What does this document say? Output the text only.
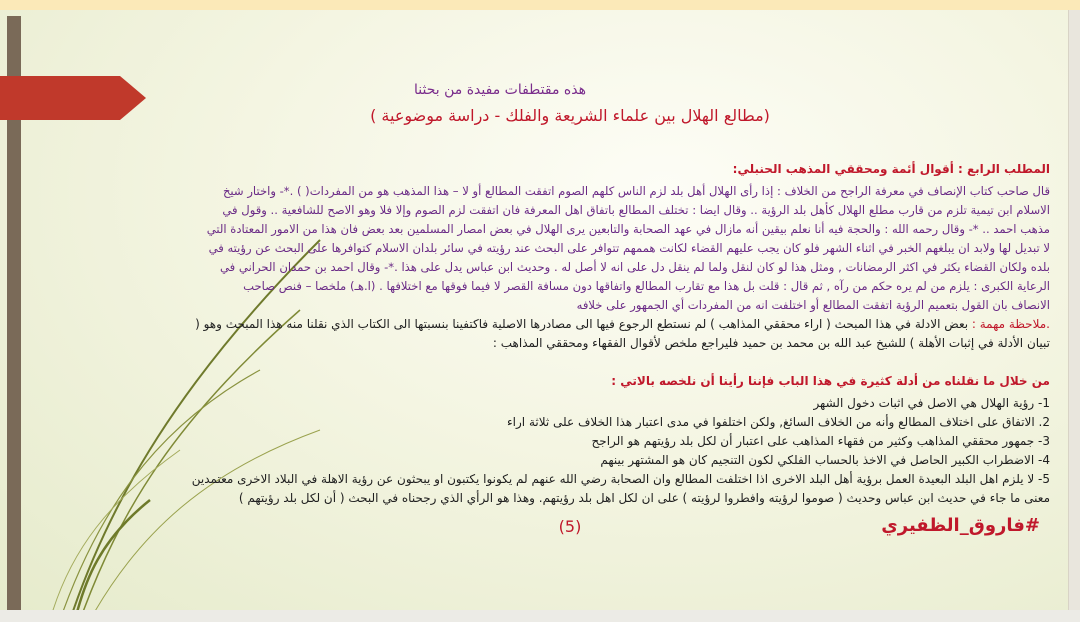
هذه مقتطفات مفيدة من بحثنا
(مطالع الهلال بين علماء الشريعة والفلك - دراسة موضوعية )
المطلب الرابع : أقوال أئمة ومحققي المذهب الحنبلي:
قال صاحب كتاب الإنصاف في معرفة الراجح من الخلاف : إذا رأى الهلال أهل بلد لزم الناس كلهم الصوم اتفقت المطالع أو لا – هذا المذهب هو من المفردات( ) .*- واختار شيخ
الاسلام ابن تيمية تلزم من قارب مطلع الهلال كأهل بلد الرؤية .. وقال ايضا : تختلف المطالع باتفاق اهل المعرفة فان اتفقت لزم الصوم وإلا فلا وهو الاصح للشافعية .. وقول في
مذهب احمد .. *- وقال رحمه الله : والحجة فيه أنا نعلم بيقين أنه مازال في عهد الصحابة والتابعين يرى الهلال في بعض امصار المسلمين بعد بعض فان هذا من الامور المعتادة التي
لا تبديل لها ولابد ان يبلغهم الخبر في اثناء الشهر فلو كان يجب عليهم القضاء لكانت هممهم تتوافر على البحث عند رؤيته في سائر بلدان الاسلام كتوافرها على البحث عن رؤيته في
بلده ولكان القضاء يكثر في اكثر الرمضانات , ومثل هذا لو كان لنقل ولما لم ينقل دل على انه لا أصل له . وحديث ابن عباس يدل على هذا .*- وقال احمد بن حمدان الحراني في
الرعاية الكبرى : يلزم من لم يره حكم من رآه , ثم قال : قلت بل هذا مع تقارب المطالع واتفاقها دون مسافة القصر لا فيما فوقها مع اختلافها . (ا.هـ) ملخصا – فنص صاحب
الانصاف بان القول بتعميم الرؤية اتفقت المطالع أو اختلفت انه من المفردات أي الجمهور على خلافه
.ملاحظة مهمة : بعض الادلة في هذا المبحث ( اراء محققي المذاهب ) لم نستطع الرجوع فيها الى مصادرها الاصلية فاكتفينا بنسبتها الى الكتاب الذي نقلنا منه هذا المبحث وهو (
تبيان الأدلة في إثبات الأهلة ) للشيخ عبد الله بن محمد بن حميد فليراجع ملخص لأقوال الفقهاء ومحققي المذاهب :
من خلال ما نقلناه من أدلة كثيرة في هذا الباب فإننا رأينا أن نلخصه بالاتي :
1- رؤية الهلال هي الاصل في اثبات دخول الشهر
2. الاتفاق على اختلاف المطالع وأنه من الخلاف السائغ, ولكن اختلفوا في مدى اعتبار هذا الخلاف على ثلاثة اراء
3- جمهور محققي المذاهب وكثير من فقهاء المذاهب على اعتبار أن لكل بلد رؤيتهم هو الراجح
4- الاضطراب الكبير الحاصل في الاخذ بالحساب الفلكي لكون التنجيم كان هو المشتهر بينهم
5- لا يلزم اهل البلد البعيدة العمل برؤية أهل البلد الاخرى اذا اختلفت المطالع وان الصحابة رضي الله عنهم لم يكونوا يكتبون او يبحثون عن رؤية الاهلة في البلاد الاخرى معتمدين
معنى ما جاء في حديث ابن عباس وحديث ( صوموا لرؤيته وافطروا لرؤيته ) على ان لكل اهل بلد رؤيتهم. وهذا هو الرأي الذي رجحناه في البحث ( أن لكل بلد رؤيتهم )
(5)	#فاروق_الظفيري
